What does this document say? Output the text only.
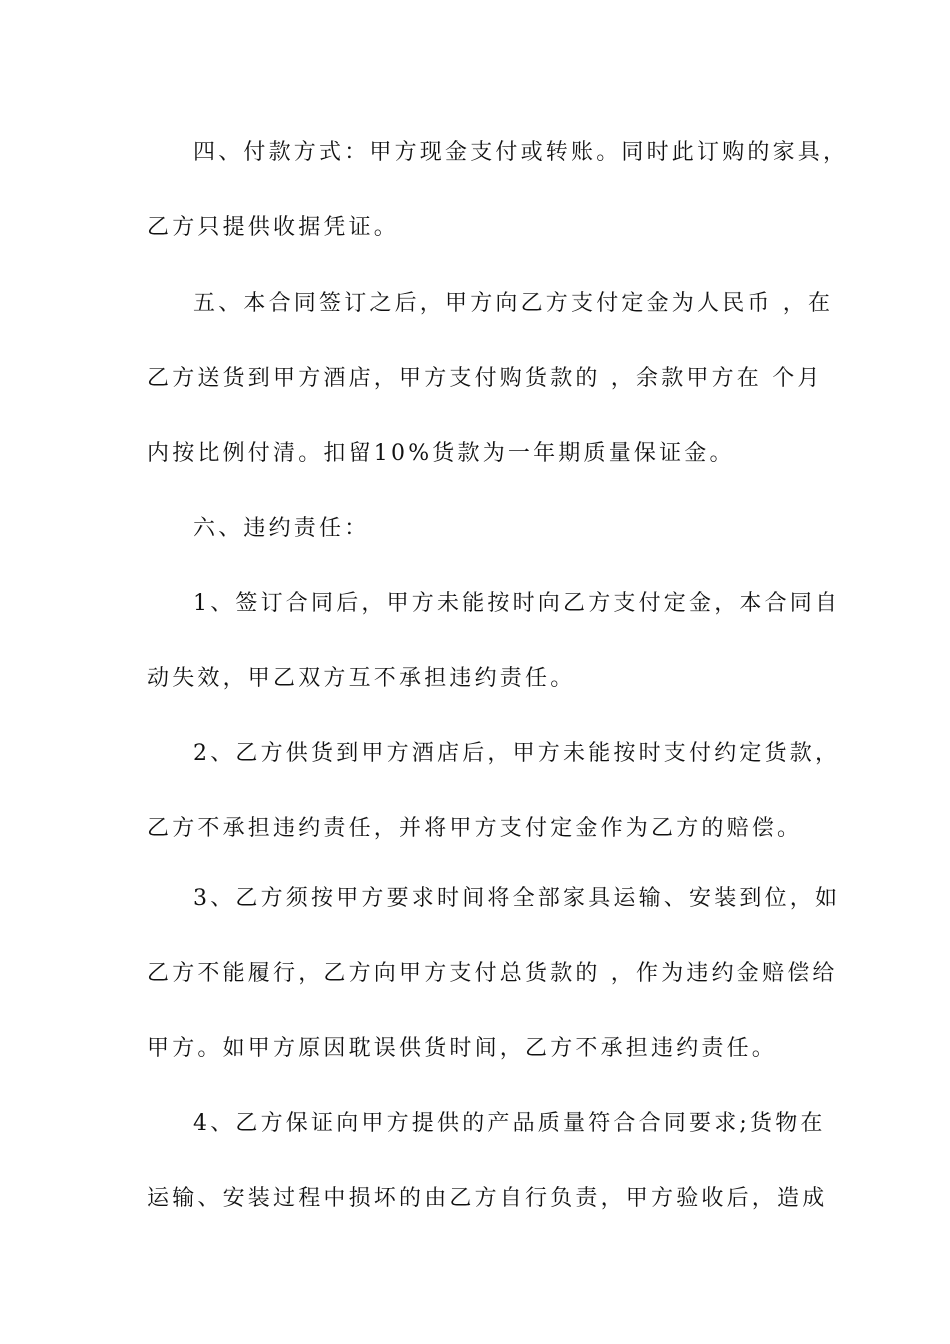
四、付款方式：甲方现金支付或转账。同时此订购的家具，
乙方只提供收据凭证。
五、本合同签订之后，甲方向乙方支付定金为人民币 ，在
乙方送货到甲方酒店，甲方支付购货款的 ，余款甲方在 个月
内按比例付清。扣留10%货款为一年期质量保证金。
六、违约责任：
1、签订合同后，甲方未能按时向乙方支付定金，本合同自
动失效，甲乙双方互不承担违约责任。
2、乙方供货到甲方酒店后，甲方未能按时支付约定货款，
乙方不承担违约责任，并将甲方支付定金作为乙方的赔偿。
3、乙方须按甲方要求时间将全部家具运输、安装到位，如
乙方不能履行，乙方向甲方支付总货款的 ，作为违约金赔偿给
甲方。如甲方原因耽误供货时间，乙方不承担违约责任。
4、乙方保证向甲方提供的产品质量符合合同要求;货物在
运输、安装过程中损坏的由乙方自行负责，甲方验收后，造成
